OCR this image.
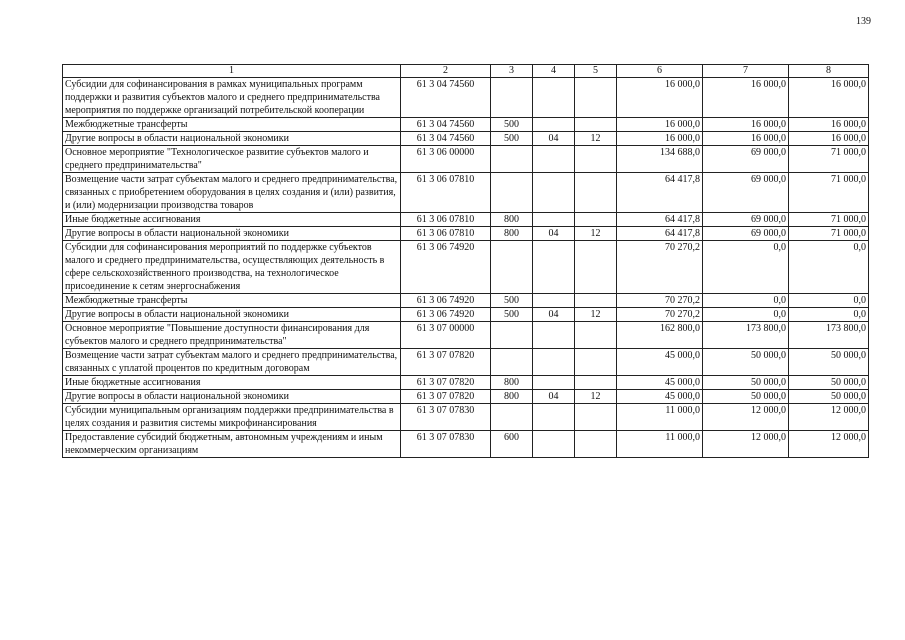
139
1	2	3	4	5	6	7	8
Субсидии для софинансирования в рамках муниципальных программ поддержки и развития субъектов малого и среднего предпринимательства мероприятия по поддержке организаций потребительской кооперации	61 3 04 74560				16 000,0	16 000,0	16 000,0
Межбюджетные трансферты	61 3 04 74560	500			16 000,0	16 000,0	16 000,0
Другие вопросы в области национальной экономики	61 3 04 74560	500	04	12	16 000,0	16 000,0	16 000,0
Основное мероприятие "Технологическое развитие субъектов малого и среднего предпринимательства"	61 3 06 00000				134 688,0	69 000,0	71 000,0
Возмещение части затрат субъектам малого и среднего предпринимательства, связанных с приобретением оборудования в целях создания и (или) развития, и (или) модернизации производства товаров	61 3 06 07810				64 417,8	69 000,0	71 000,0
Иные бюджетные ассигнования	61 3 06 07810	800			64 417,8	69 000,0	71 000,0
Другие вопросы в области национальной экономики	61 3 06 07810	800	04	12	64 417,8	69 000,0	71 000,0
Субсидии для софинансирования мероприятий по поддержке субъектов малого и среднего предпринимательства, осуществляющих деятельность в сфере сельскохозяйственного производства, на технологическое присоединение к сетям энергоснабжения	61 3 06 74920				70 270,2	0,0	0,0
Межбюджетные трансферты	61 3 06 74920	500			70 270,2	0,0	0,0
Другие вопросы в области национальной экономики	61 3 06 74920	500	04	12	70 270,2	0,0	0,0
Основное мероприятие "Повышение доступности финансирования для субъектов малого и среднего предпринимательства"	61 3 07 00000				162 800,0	173 800,0	173 800,0
Возмещение части затрат субъектам малого и среднего предпринимательства, связанных с уплатой процентов по кредитным договорам	61 3 07 07820				45 000,0	50 000,0	50 000,0
Иные бюджетные ассигнования	61 3 07 07820	800			45 000,0	50 000,0	50 000,0
Другие вопросы в области национальной экономики	61 3 07 07820	800	04	12	45 000,0	50 000,0	50 000,0
Субсидии муниципальным организациям поддержки предпринимательства в целях создания и развития системы микрофинансирования	61 3 07 07830				11 000,0	12 000,0	12 000,0
Предоставление субсидий бюджетным, автономным учреждениям и иным некоммерческим организациям	61 3 07 07830	600			11 000,0	12 000,0	12 000,0
